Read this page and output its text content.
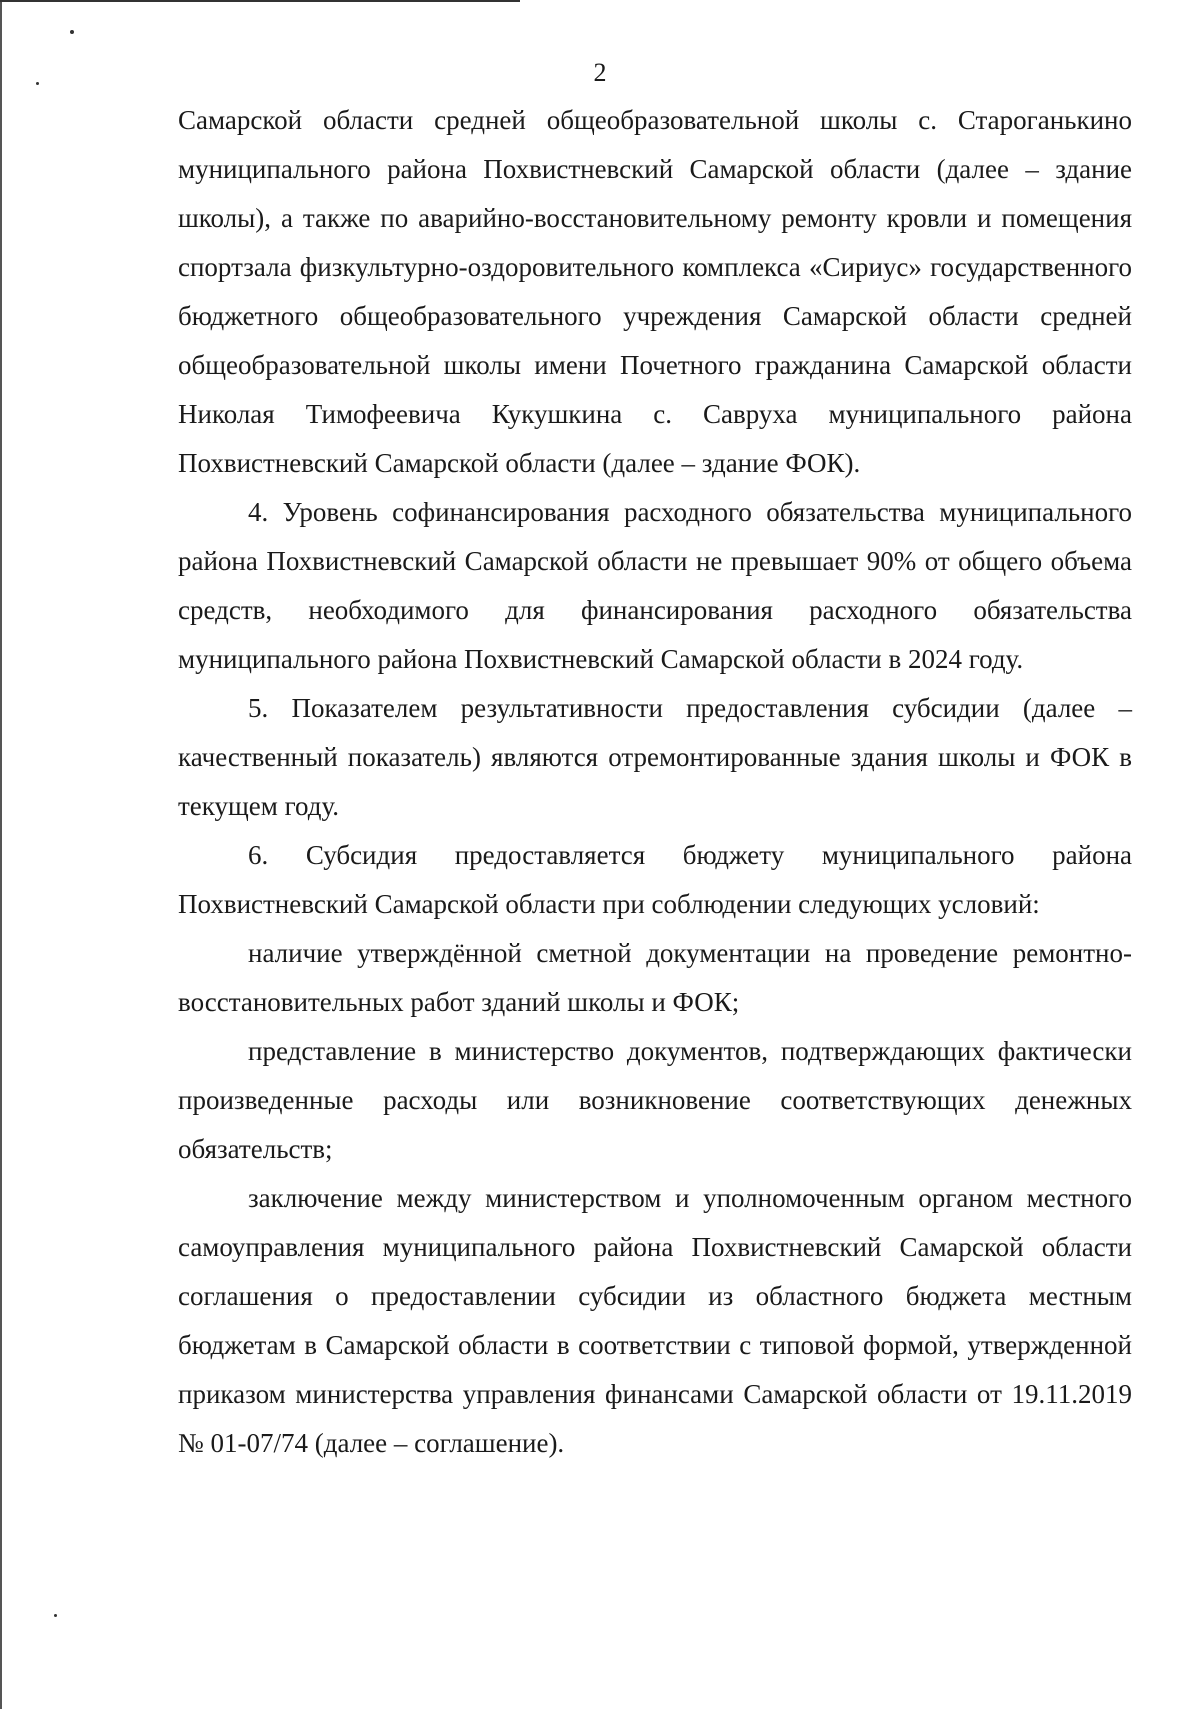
2

Самарской области средней общеобразовательной школы с. Староганькино муниципального района Похвистневский Самарской области (далее – здание школы), а также по аварийно-восстановительному ремонту кровли и помещения спортзала физкультурно-оздоровительного комплекса «Сириус» государственного бюджетного общеобразовательного учреждения Самарской области средней общеобразовательной школы имени Почетного гражданина Самарской области Николая Тимофеевича Кукушкина с. Савруха муниципального района Похвистневский Самарской области (далее – здание ФОК).

4. Уровень софинансирования расходного обязательства муниципального района Похвистневский Самарской области не превышает 90% от общего объема средств, необходимого для финансирования расходного обязательства муниципального района Похвистневский Самарской области в 2024 году.

5. Показателем результативности предоставления субсидии (далее – качественный показатель) являются отремонтированные здания школы и ФОК в текущем году.

6. Субсидия предоставляется бюджету муниципального района Похвистневский Самарской области при соблюдении следующих условий:

наличие утверждённой сметной документации на проведение ремонтно-восстановительных работ зданий школы и ФОК;

представление в министерство документов, подтверждающих фактически произведенные расходы или возникновение соответствующих денежных обязательств;

заключение между министерством и уполномоченным органом местного самоуправления муниципального района Похвистневский Самарской области соглашения о предоставлении субсидии из областного бюджета местным бюджетам в Самарской области в соответствии с типовой формой, утвержденной приказом министерства управления финансами Самарской области от 19.11.2019 № 01-07/74 (далее – соглашение).
